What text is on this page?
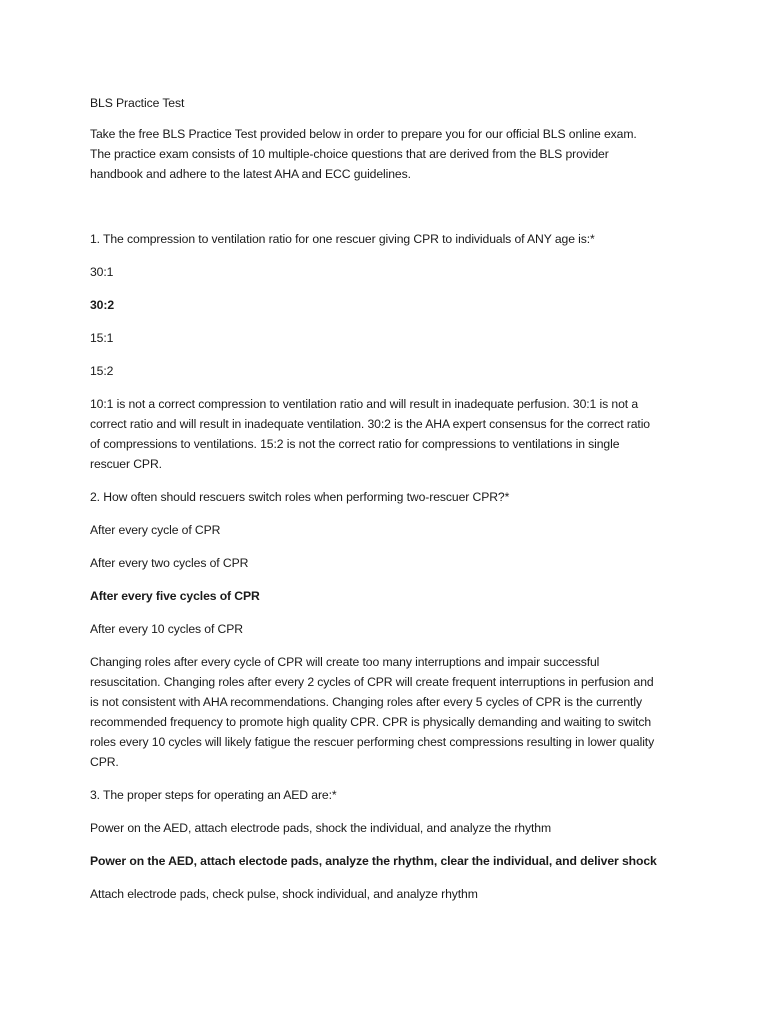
BLS Practice Test

Take the free BLS Practice Test provided below in order to prepare you for our official BLS online exam. The practice exam consists of 10 multiple-choice questions that are derived from the BLS provider handbook and adhere to the latest AHA and ECC guidelines.

1. The compression to ventilation ratio for one rescuer giving CPR to individuals of ANY age is:*

30:1

30:2

15:1

15:2

10:1 is not a correct compression to ventilation ratio and will result in inadequate perfusion. 30:1 is not a correct ratio and will result in inadequate ventilation. 30:2 is the AHA expert consensus for the correct ratio of compressions to ventilations. 15:2 is not the correct ratio for compressions to ventilations in single rescuer CPR.

2. How often should rescuers switch roles when performing two-rescuer CPR?*

After every cycle of CPR

After every two cycles of CPR

After every five cycles of CPR

After every 10 cycles of CPR

Changing roles after every cycle of CPR will create too many interruptions and impair successful resuscitation. Changing roles after every 2 cycles of CPR will create frequent interruptions in perfusion and is not consistent with AHA recommendations. Changing roles after every 5 cycles of CPR is the currently recommended frequency to promote high quality CPR. CPR is physically demanding and waiting to switch roles every 10 cycles will likely fatigue the rescuer performing chest compressions resulting in lower quality CPR.

3. The proper steps for operating an AED are:*

Power on the AED, attach electrode pads, shock the individual, and analyze the rhythm

Power on the AED, attach electode pads, analyze the rhythm, clear the individual, and deliver shock

Attach electrode pads, check pulse, shock individual, and analyze rhythm
